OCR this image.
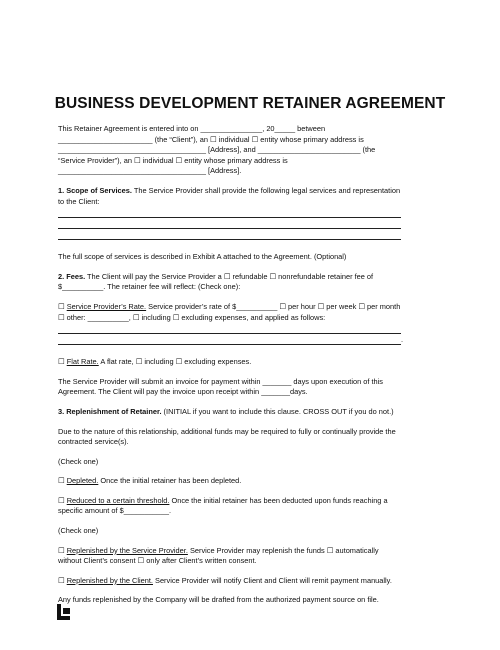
BUSINESS DEVELOPMENT RETAINER AGREEMENT

This Retainer Agreement is entered into on _______________, 20_____ between

_______________________ (the “Client”), an ☐ individual ☐ entity whose primary address is

____________________________________ [Address], and _________________________ (the

“Service Provider”), an ☐ individual ☐ entity whose primary address is

____________________________________ [Address].

1. Scope of Services. The Service Provider shall provide the following legal services and representation

to the Client:

The full scope of services is described in Exhibit A attached to the Agreement. (Optional)

2. Fees. The Client will pay the Service Provider a ☐ refundable ☐ nonrefundable retainer fee of

$__________. The retainer fee will reflect: (Check one):

☐ Service Provider’s Rate. Service provider’s rate of $__________ ☐ per hour ☐ per week ☐ per month

☐ other: __________, ☐ including ☐ excluding expenses, and applied as follows:

.

☐ Flat Rate. A flat rate, ☐ including ☐ excluding expenses.

The Service Provider will submit an invoice for payment within _______ days upon execution of this

Agreement. The Client will pay the invoice upon receipt within _______days.

3. Replenishment of Retainer. (INITIAL if you want to include this clause. CROSS OUT if you do not.)

Due to the nature of this relationship, additional funds may be required to fully or continually provide the

contracted service(s).

(Check one)

☐ Depleted. Once the initial retainer has been depleted.

☐ Reduced to a certain threshold. Once the initial retainer has been deducted upon funds reaching a

specific amount of $___________.

(Check one)

☐ Replenished by the Service Provider. Service Provider may replenish the funds ☐ automatically

without Client’s consent ☐ only after Client’s written consent.

☐ Replenished by the Client. Service Provider will notify Client and Client will remit payment manually.

Any funds replenished by the Company will be drafted from the authorized payment source on file.
